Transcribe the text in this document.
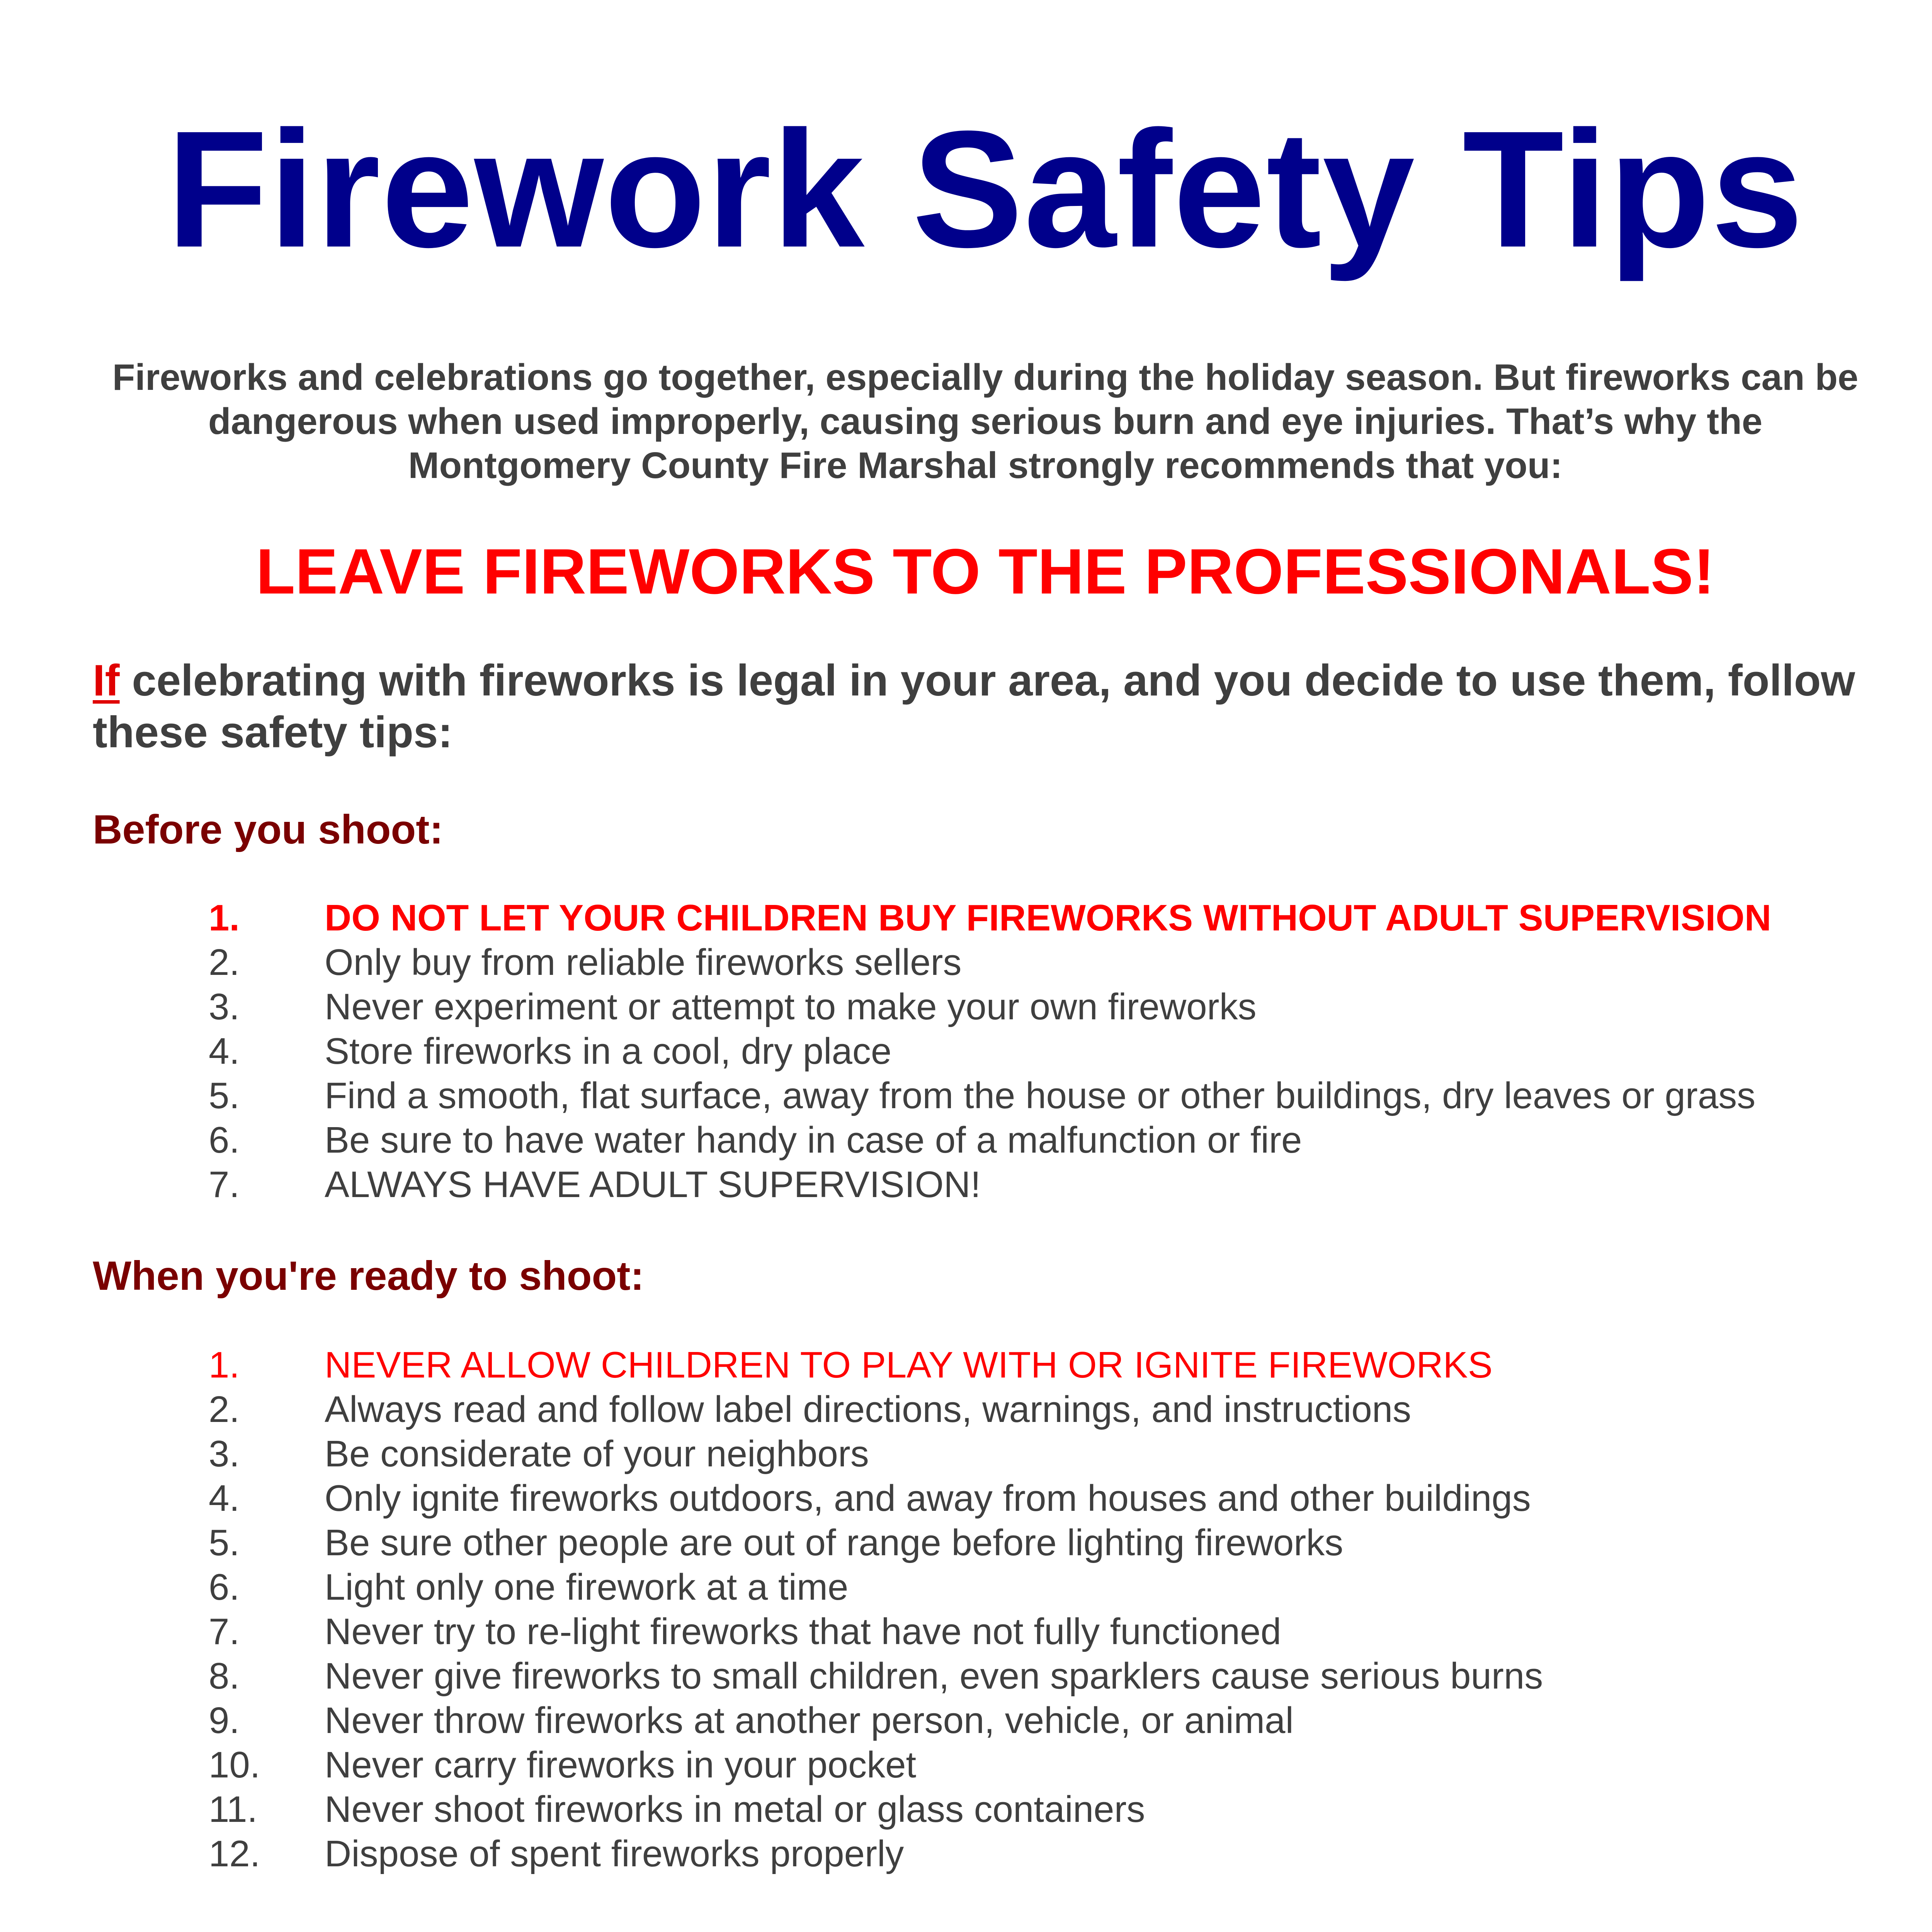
Firework Safety Tips

Fireworks and celebrations go together, especially during the holiday season. But fireworks can be dangerous when used improperly, causing serious burn and eye injuries. That’s why the Montgomery County Fire Marshal strongly recommends that you:

LEAVE FIREWORKS TO THE PROFESSIONALS!

If celebrating with fireworks is legal in your area, and you decide to use them, follow these safety tips:

Before you shoot:
1.	DO NOT LET YOUR CHILDREN BUY FIREWORKS WITHOUT ADULT SUPERVISION
2.	Only buy from reliable fireworks sellers
3.	Never experiment or attempt to make your own fireworks
4.	Store fireworks in a cool, dry place
5.	Find a smooth, flat surface, away from the house or other buildings, dry leaves or grass
6.	Be sure to have water handy in case of a malfunction or fire
7.	ALWAYS HAVE ADULT SUPERVISION!
When you're ready to shoot:
1.	NEVER ALLOW CHILDREN TO PLAY WITH OR IGNITE FIREWORKS
2.	Always read and follow label directions, warnings, and instructions
3.	Be considerate of your neighbors
4.	Only ignite fireworks outdoors, and away from houses and other buildings
5.	Be sure other people are out of range before lighting fireworks
6.	Light only one firework at a time
7.	Never try to re-light fireworks that have not fully functioned
8.	Never give fireworks to small children, even sparklers cause serious burns
9.	Never throw fireworks at another person, vehicle, or animal
10.	Never carry fireworks in your pocket
11.	Never shoot fireworks in metal or glass containers
12.	Dispose of spent fireworks properly
